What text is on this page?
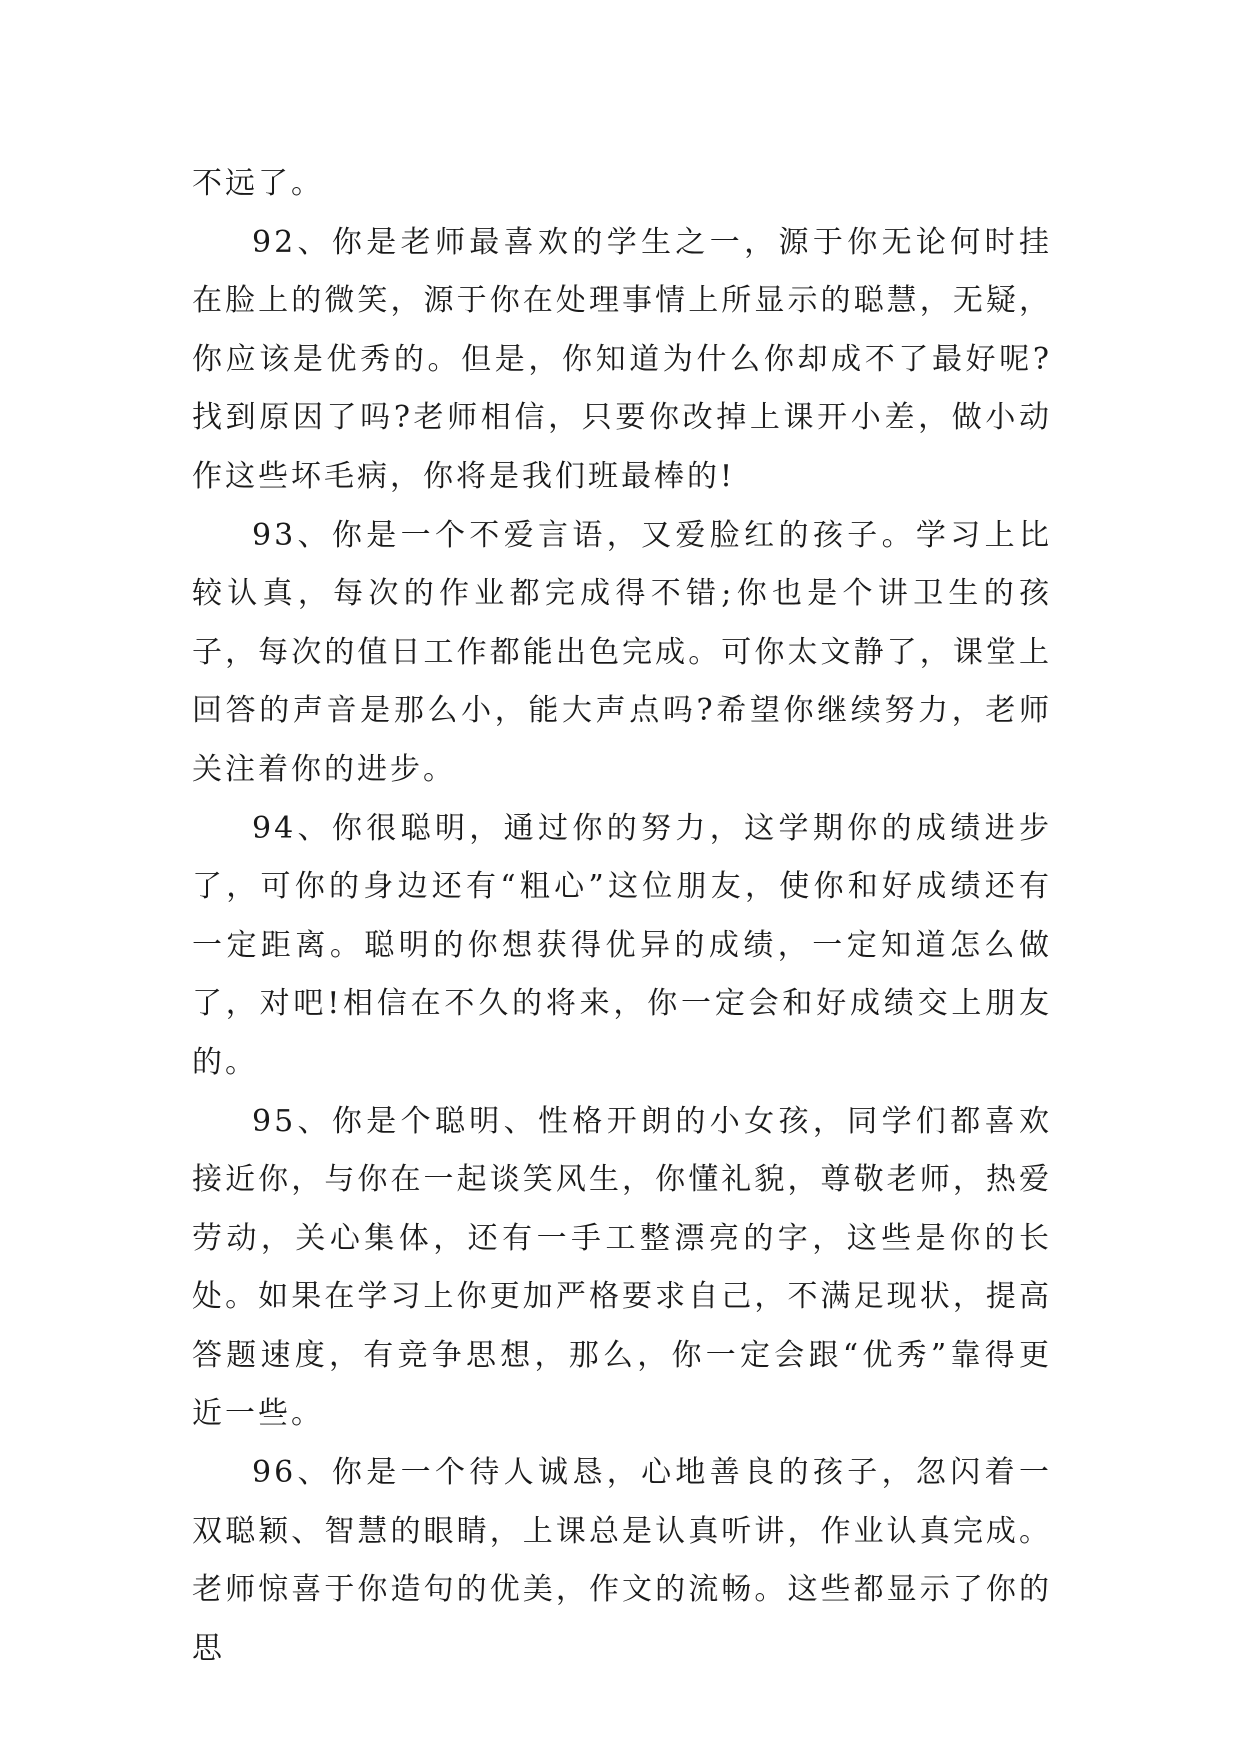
不远了。

92、你是老师最喜欢的学生之一，源于你无论何时挂在脸上的微笑，源于你在处理事情上所显示的聪慧，无疑，你应该是优秀的。但是，你知道为什么你却成不了最好呢?找到原因了吗?老师相信，只要你改掉上课开小差，做小动作这些坏毛病，你将是我们班最棒的!

93、你是一个不爱言语，又爱脸红的孩子。学习上比较认真，每次的作业都完成得不错;你也是个讲卫生的孩子，每次的值日工作都能出色完成。可你太文静了，课堂上回答的声音是那么小，能大声点吗?希望你继续努力，老师关注着你的进步。

94、你很聪明，通过你的努力，这学期你的成绩进步了，可你的身边还有“粗心”这位朋友，使你和好成绩还有一定距离。聪明的你想获得优异的成绩，一定知道怎么做了，对吧!相信在不久的将来，你一定会和好成绩交上朋友的。

95、你是个聪明、性格开朗的小女孩，同学们都喜欢接近你，与你在一起谈笑风生，你懂礼貌，尊敬老师，热爱劳动，关心集体，还有一手工整漂亮的字，这些是你的长处。如果在学习上你更加严格要求自己，不满足现状，提高答题速度，有竞争思想，那么，你一定会跟“优秀”靠得更近一些。

96、你是一个待人诚恳，心地善良的孩子，忽闪着一双聪颖、智慧的眼睛，上课总是认真听讲，作业认真完成。老师惊喜于你造句的优美，作文的流畅。这些都显示了你的思
